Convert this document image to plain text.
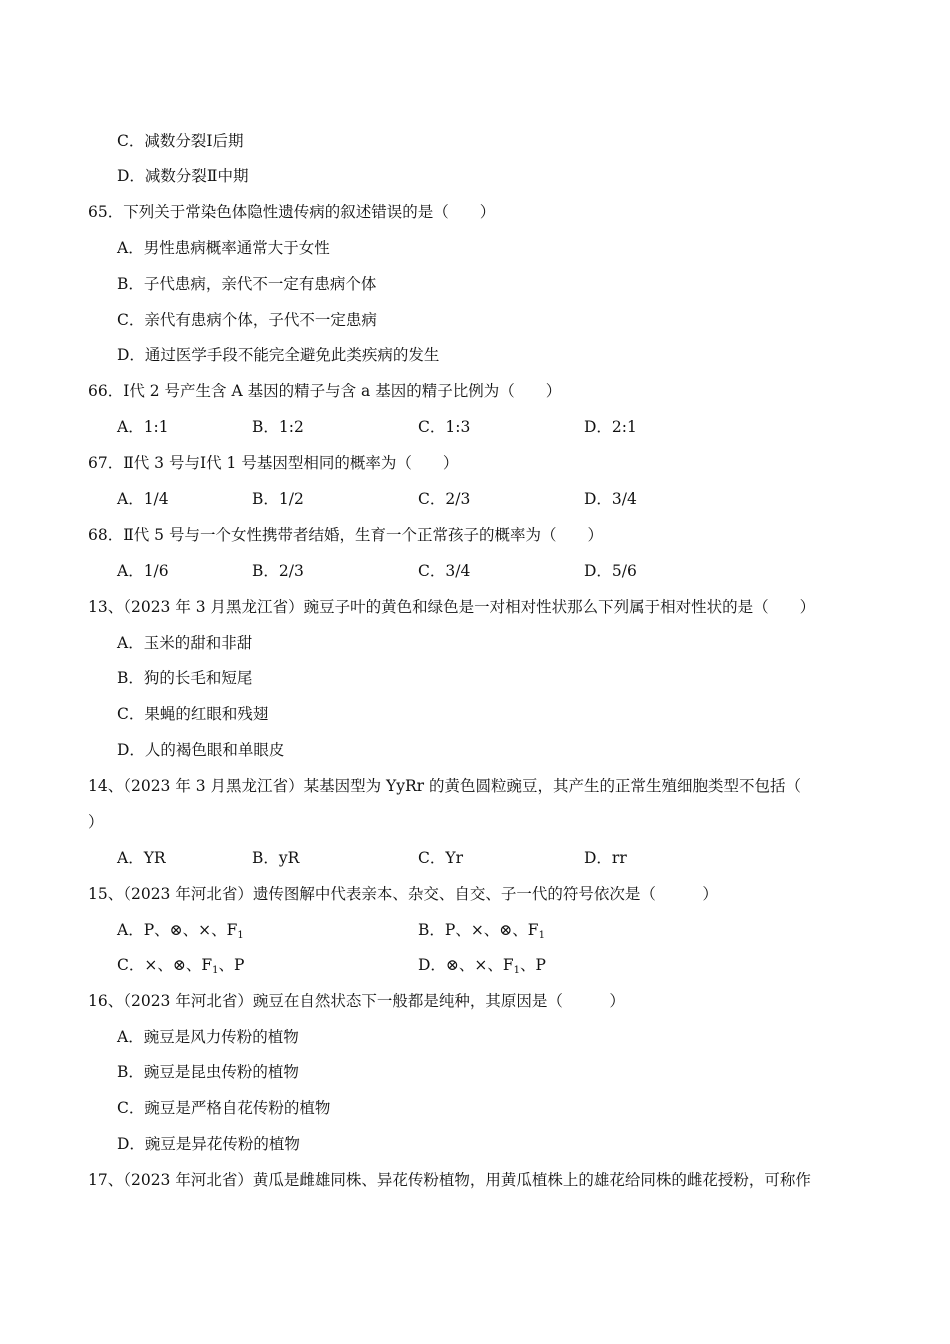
C．减数分裂Ⅰ后期
D．减数分裂Ⅱ中期
65．下列关于常染色体隐性遗传病的叙述错误的是（　　）
A．男性患病概率通常大于女性
B．子代患病，亲代不一定有患病个体
C．亲代有患病个体，子代不一定患病
D．通过医学手段不能完全避免此类疾病的发生
66．Ⅰ代 2 号产生含 A 基因的精子与含 a 基因的精子比例为（　　）
A．1:1	B．1:2	C．1:3	D．2:1
67．Ⅱ代 3 号与Ⅰ代 1 号基因型相同的概率为（　　）
A．1/4	B．1/2	C．2/3	D．3/4
68．Ⅱ代 5 号与一个女性携带者结婚，生育一个正常孩子的概率为（　　）
A．1/6	B．2/3	C．3/4	D．5/6
13、（2023 年 3 月黑龙江省）豌豆子叶的黄色和绿色是一对相对性状那么下列属于相对性状的是（　　）
A．玉米的甜和非甜
B．狗的长毛和短尾
C．果蝇的红眼和残翅
D．人的褐色眼和单眼皮
14、（2023 年 3 月黑龙江省）某基因型为 YyRr 的黄色圆粒豌豆，其产生的正常生殖细胞类型不包括（
）
A．YR	B．yR	C．Yr	D．rr
15、（2023 年河北省）遗传图解中代表亲本、杂交、自交、子一代的符号依次是（　　　）
A．P、⊗、×、$F_1$	B．P、×、⊗、$F_1$
C．×、⊗、$F_1$、P	D．⊗、×、$F_1$、P
16、（2023 年河北省）豌豆在自然状态下一般都是纯种，其原因是（　　　）
A．豌豆是风力传粉的植物
B．豌豆是昆虫传粉的植物
C．豌豆是严格自花传粉的植物
D．豌豆是异花传粉的植物
17、（2023 年河北省）黄瓜是雌雄同株、异花传粉植物，用黄瓜植株上的雄花给同株的雌花授粉，可称作
